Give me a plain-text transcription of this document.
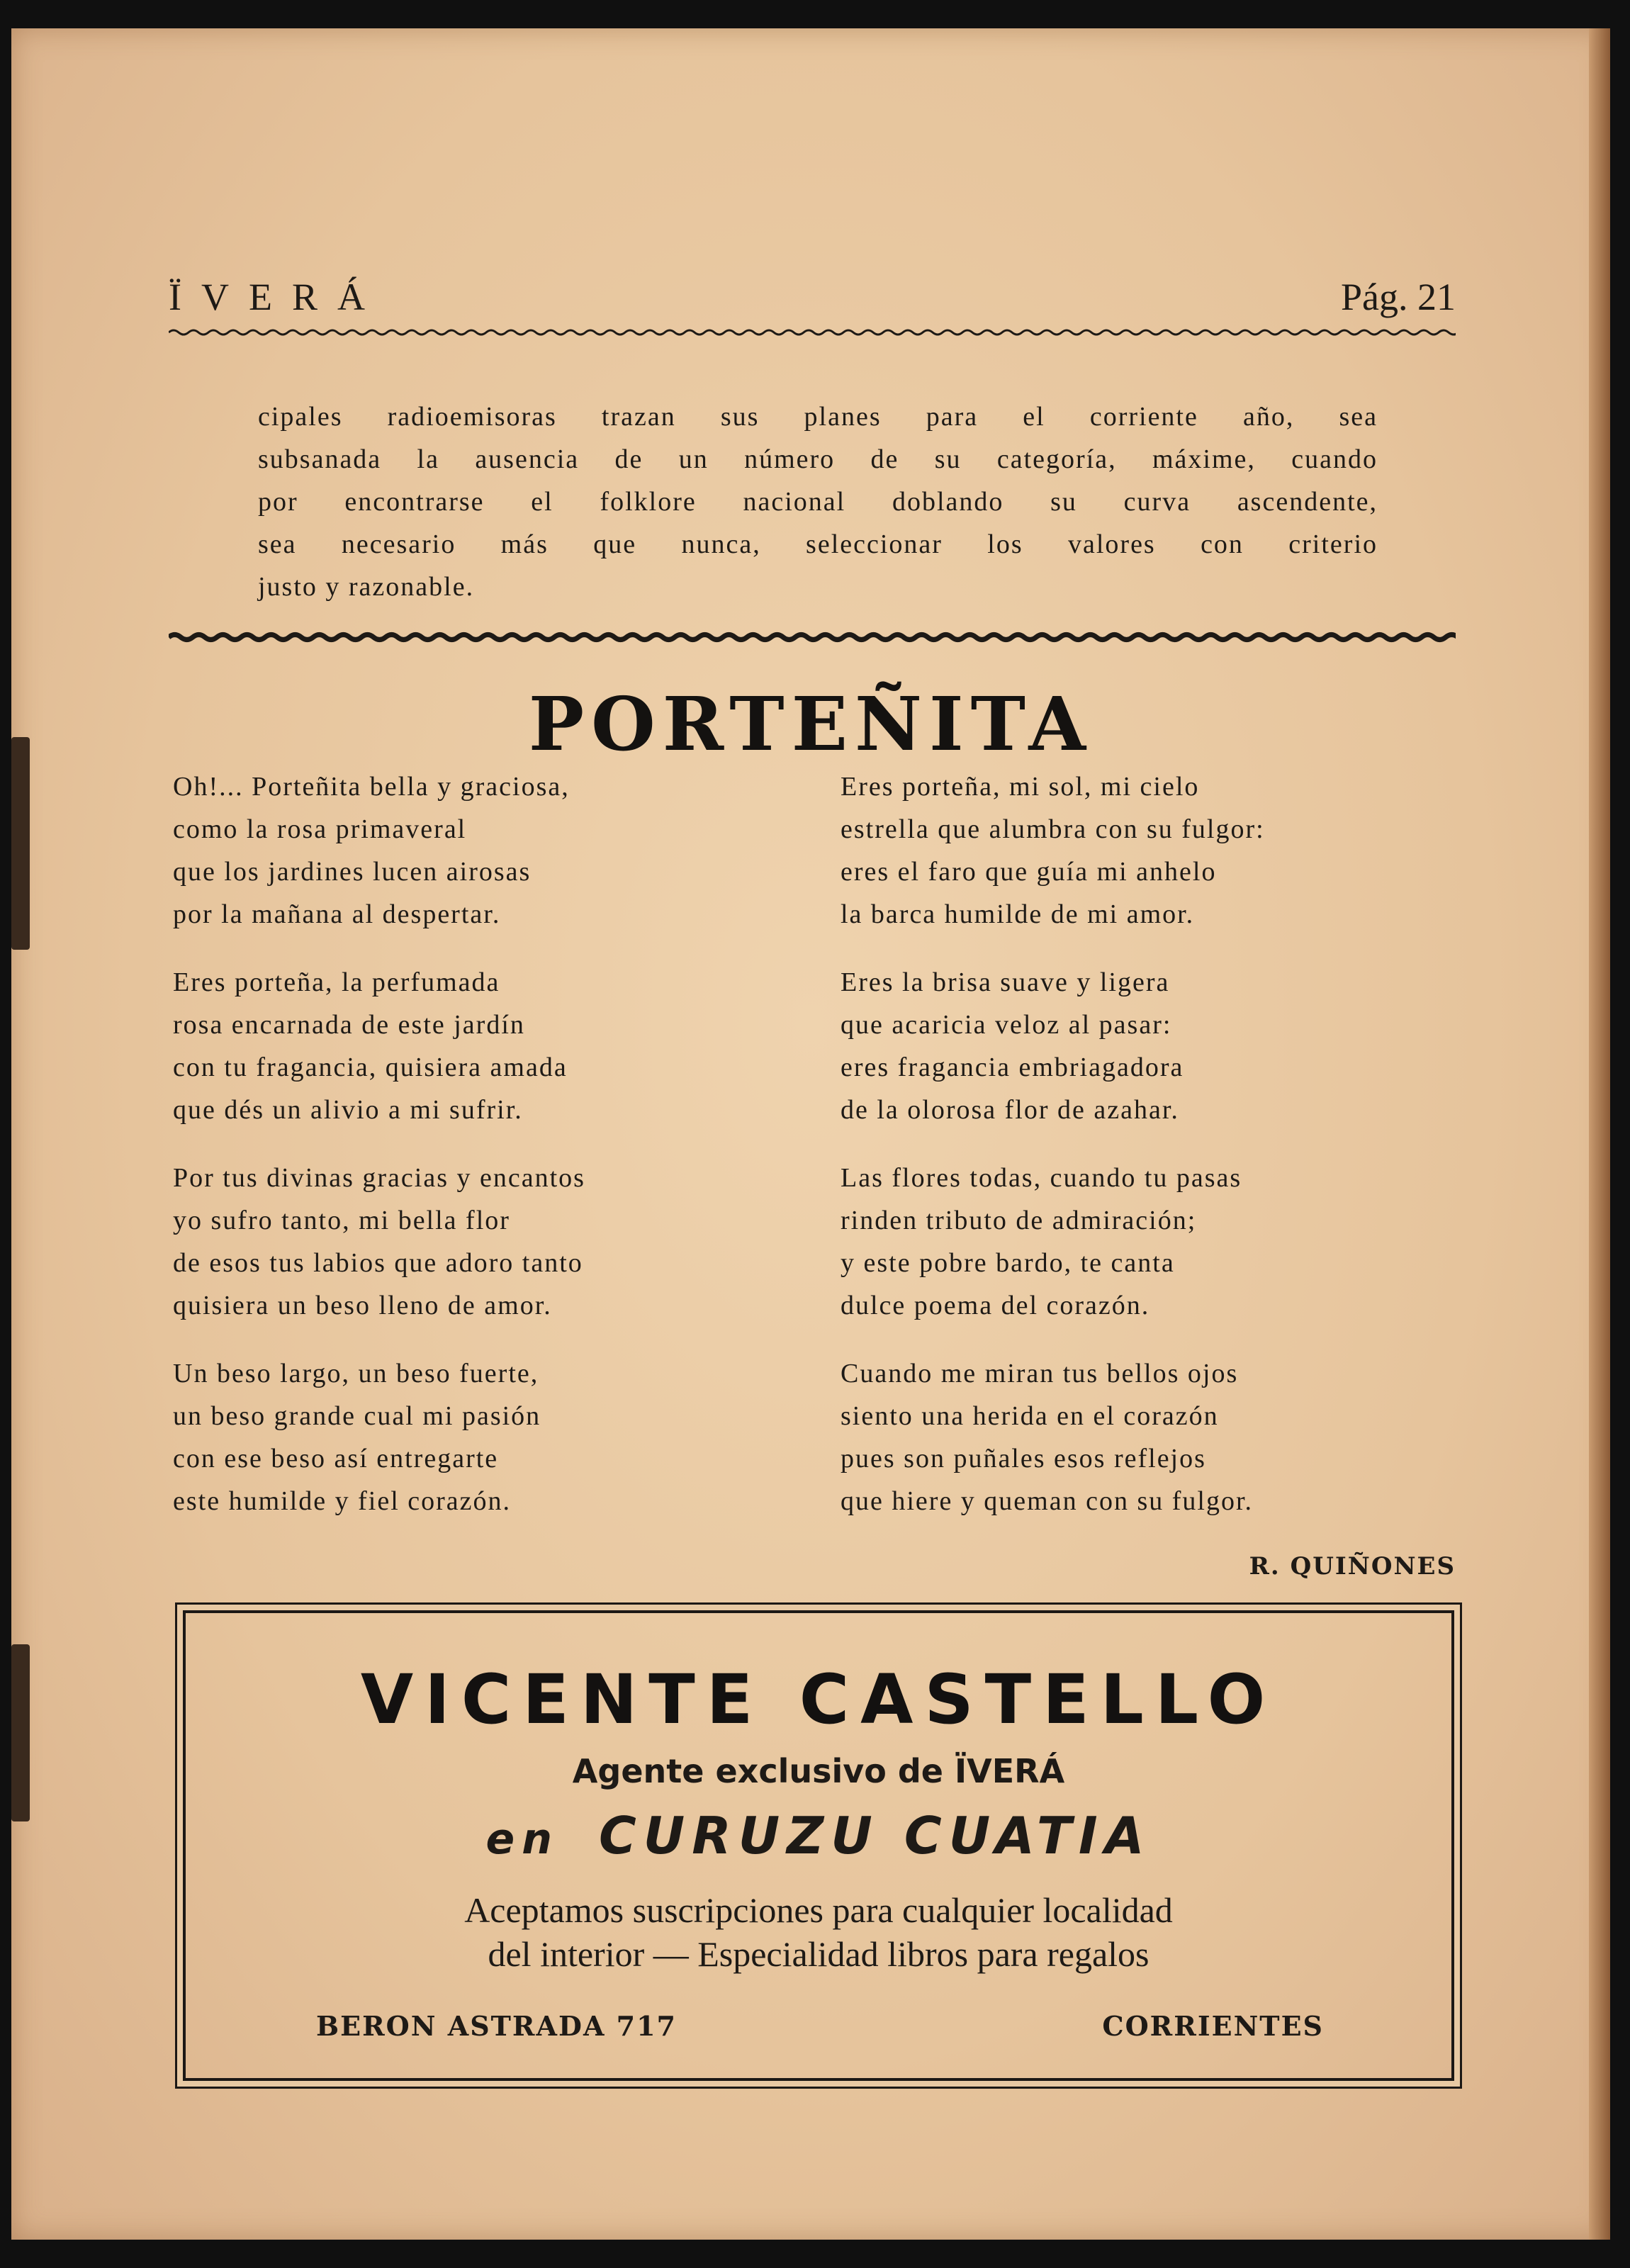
ÏVERÁ	Pág. 21
cipales radioemisoras trazan sus planes para el corriente año, sea
subsanada la ausencia de un número de su categoría, máxime, cuando
por encontrarse el folklore nacional doblando su curva ascendente,
sea necesario más que nunca, seleccionar los valores con criterio
justo y razonable.
PORTEÑITA
Oh!... Porteñita bella y graciosa,
como la rosa primaveral
que los jardines lucen airosas
por la mañana al despertar.
Eres porteña, la perfumada
rosa encarnada de este jardín
con tu fragancia, quisiera amada
que dés un alivio a mi sufrir.
Por tus divinas gracias y encantos
yo sufro tanto, mi bella flor
de esos tus labios que adoro tanto
quisiera un beso lleno de amor.
Un beso largo, un beso fuerte,
un beso grande cual mi pasión
con ese beso así entregarte
este humilde y fiel corazón.
Eres porteña, mi sol, mi cielo
estrella que alumbra con su fulgor:
eres el faro que guía mi anhelo
la barca humilde de mi amor.
Eres la brisa suave y ligera
que acaricia veloz al pasar:
eres fragancia embriagadora
de la olorosa flor de azahar.
Las flores todas, cuando tu pasas
rinden tributo de admiración;
y este pobre bardo, te canta
dulce poema del corazón.
Cuando me miran tus bellos ojos
siento una herida en el corazón
pues son puñales esos reflejos
que hiere y queman con su fulgor.
R. QUIÑONES
VICENTE CASTELLO
Agente exclusivo de ÏVERÁ
en CURUZU CUATIA
Aceptamos suscripciones para cualquier localidad
del interior — Especialidad libros para regalos
BERON ASTRADA 717	CORRIENTES
